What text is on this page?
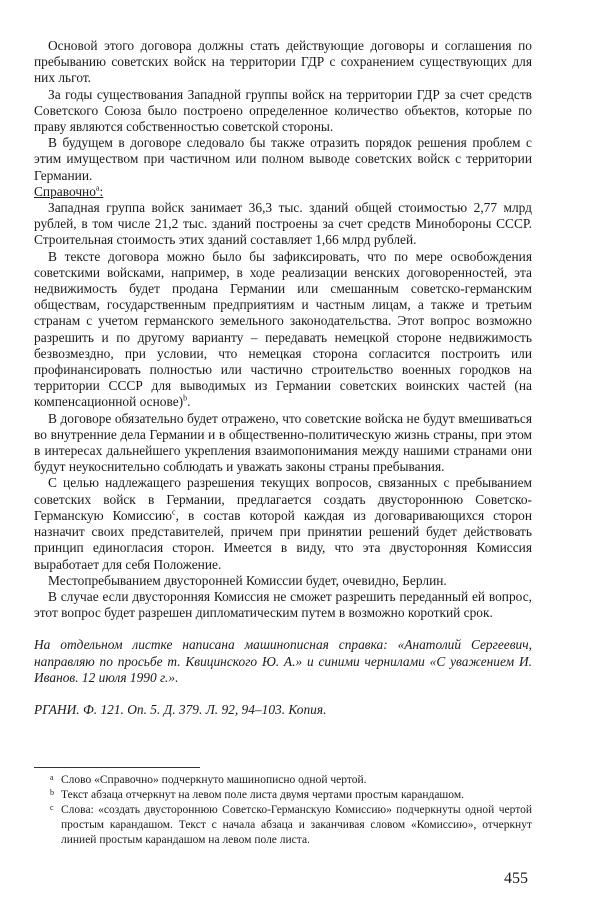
Основой этого договора должны стать действующие договоры и соглашения по пребыванию советских войск на территории ГДР с сохранением существующих для них льгот.

За годы существования Западной группы войск на территории ГДР за счет средств Советского Союза было построено определенное количество объектов, которые по праву являются собственностью советской стороны.

В будущем в договоре следовало бы также отразить порядок решения проблем с этим имуществом при частичном или полном выводе советских войск с территории Германии.

Справочно$^a$:

Западная группа войск занимает 36,3 тыс. зданий общей стоимостью 2,77 млрд рублей, в том числе 21,2 тыс. зданий построены за счет средств Минобороны СССР. Строительная стоимость этих зданий составляет 1,66 млрд рублей.

В тексте договора можно было бы зафиксировать, что по мере освобождения советскими войсками, например, в ходе реализации венских договоренностей, эта недвижимость будет продана Германии или смешанным советско-германским обществам, государственным предприятиям и частным лицам, а также и третьим странам с учетом германского земельного законодательства. Этот вопрос возможно разрешить и по другому варианту – передавать немецкой стороне недвижимость безвозмездно, при условии, что немецкая сторона согласится построить или профинансировать полностью или частично строительство военных городков на территории СССР для выводимых из Германии советских воинских частей (на компенсационной основе)$^b$.

В договоре обязательно будет отражено, что советские войска не будут вмешиваться во внутренние дела Германии и в общественно-политическую жизнь страны, при этом в интересах дальнейшего укрепления взаимопонимания между нашими странами они будут неукоснительно соблюдать и уважать законы страны пребывания.

С целью надлежащего разрешения текущих вопросов, связанных с пребыванием советских войск в Германии, предлагается создать двустороннюю Советско-Германскую Комиссию$^c$, в состав которой каждая из договаривающихся сторон назначит своих представителей, причем при принятии решений будет действовать принцип единогласия сторон. Имеется в виду, что эта двусторонняя Комиссия выработает для себя Положение.

Местопребыванием двусторонней Комиссии будет, очевидно, Берлин.

В случае если двусторонняя Комиссия не сможет разрешить переданный ей вопрос, этот вопрос будет разрешен дипломатическим путем в возможно короткий срок.

На отдельном листке написана машинописная справка: «Анатолий Сергеевич, направляю по просьбе т. Квицинского Ю. А.» и синими чернилами «С уважением И. Иванов. 12 июля 1990 г.».

РГАНИ. Ф. 121. Оп. 5. Д. 379. Л. 92, 94–103. Копия.

a Слово «Справочно» подчеркнуто машинописно одной чертой.

b Текст абзаца отчеркнут на левом поле листа двумя чертами простым карандашом.

c Слова: «создать двустороннюю Советско-Германскую Комиссию» подчеркнуты одной чертой простым карандашом. Текст с начала абзаца и заканчивая словом «Комиссию», отчеркнут линией простым карандашом на левом поле листа.

455
